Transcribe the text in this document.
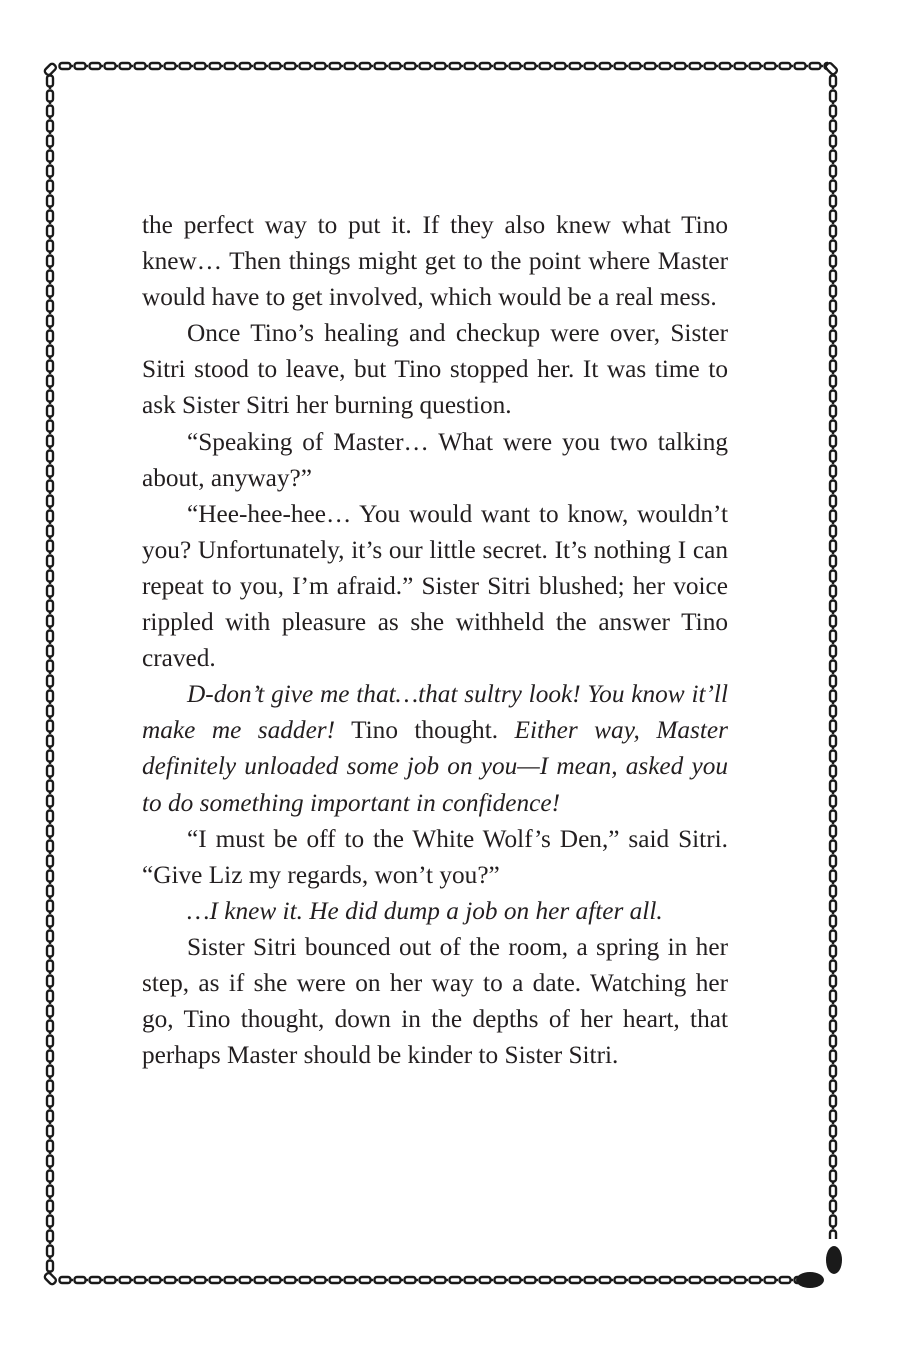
the perfect way to put it. If they also knew what Tino knew… Then things might get to the point where Master would have to get involved, which would be a real mess.

Once Tino’s healing and checkup were over, Sister Sitri stood to leave, but Tino stopped her. It was time to ask Sister Sitri her burning question.

“Speaking of Master… What were you two talking about, anyway?”

“Hee-hee-hee… You would want to know, wouldn’t you? Unfortunately, it’s our little secret. It’s nothing I can repeat to you, I’m afraid.” Sister Sitri blushed; her voice rippled with pleasure as she withheld the answer Tino craved.

D-don’t give me that…that sultry look! You know it’ll make me sadder! Tino thought. Either way, Master definitely unloaded some job on you—I mean, asked you to do something important in confidence!

“I must be off to the White Wolf’s Den,” said Sitri. “Give Liz my regards, won’t you?”

…I knew it. He did dump a job on her after all.

Sister Sitri bounced out of the room, a spring in her step, as if she were on her way to a date. Watching her go, Tino thought, down in the depths of her heart, that perhaps Master should be kinder to Sister Sitri.
